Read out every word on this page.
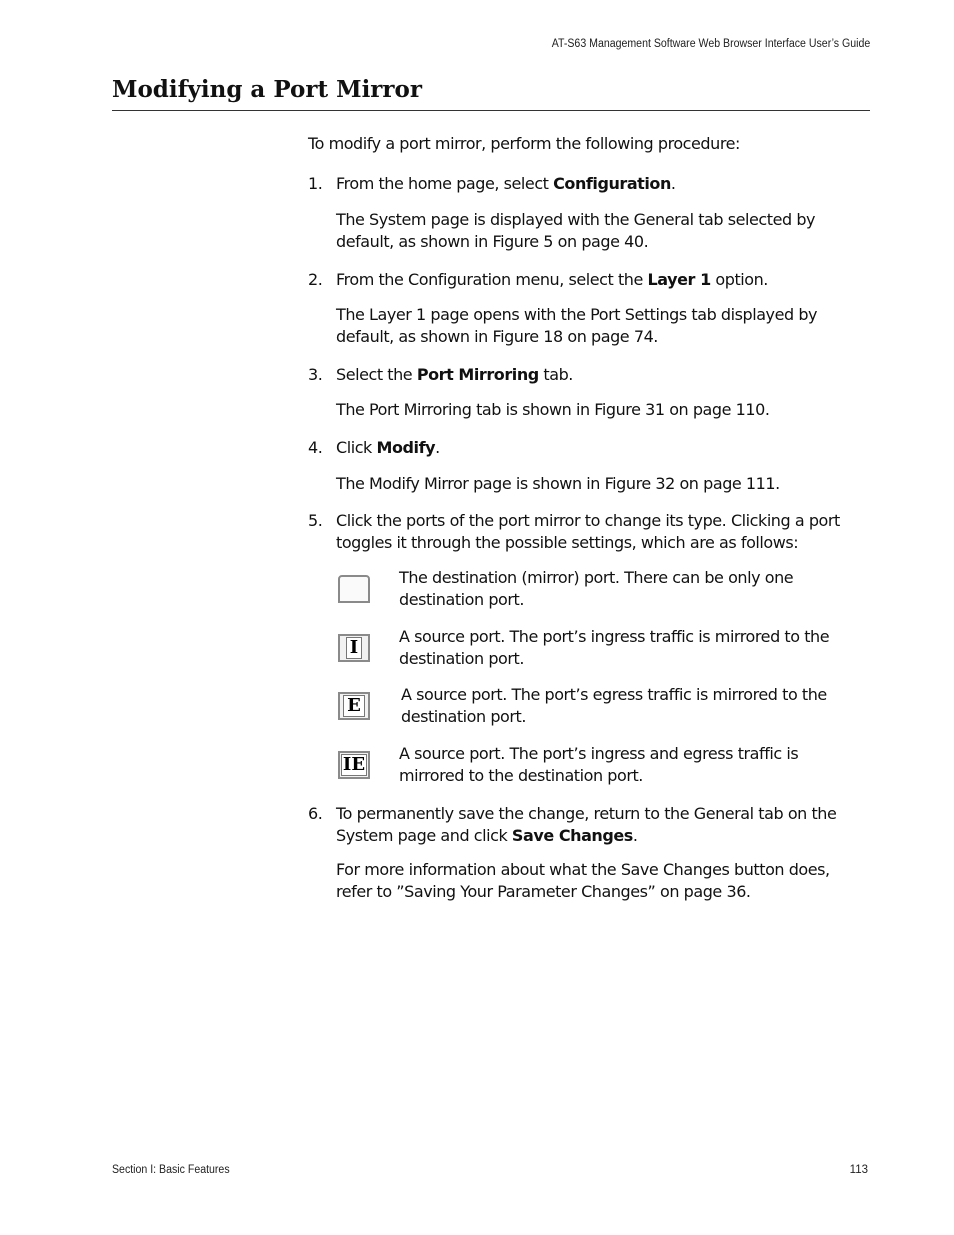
AT-S63 Management Software Web Browser Interface User’s Guide
Modifying a Port Mirror
To modify a port mirror, perform the following procedure:
1. From the home page, select Configuration.
The System page is displayed with the General tab selected by default, as shown in Figure 5 on page 40.
2. From the Configuration menu, select the Layer 1 option.
The Layer 1 page opens with the Port Settings tab displayed by default, as shown in Figure 18 on page 74.
3. Select the Port Mirroring tab.
The Port Mirroring tab is shown in Figure 31 on page 110.
4. Click Modify.
The Modify Mirror page is shown in Figure 32 on page 111.
5. Click the ports of the port mirror to change its type. Clicking a port toggles it through the possible settings, which are as follows:
The destination (mirror) port. There can be only one destination port.
I
A source port. The port’s ingress traffic is mirrored to the destination port.
E
A source port. The port’s egress traffic is mirrored to the destination port.
IE
A source port. The port’s ingress and egress traffic is mirrored to the destination port.
6. To permanently save the change, return to the General tab on the System page and click Save Changes.
For more information about what the Save Changes button does, refer to ”Saving Your Parameter Changes” on page 36.
Section I: Basic Features	113
